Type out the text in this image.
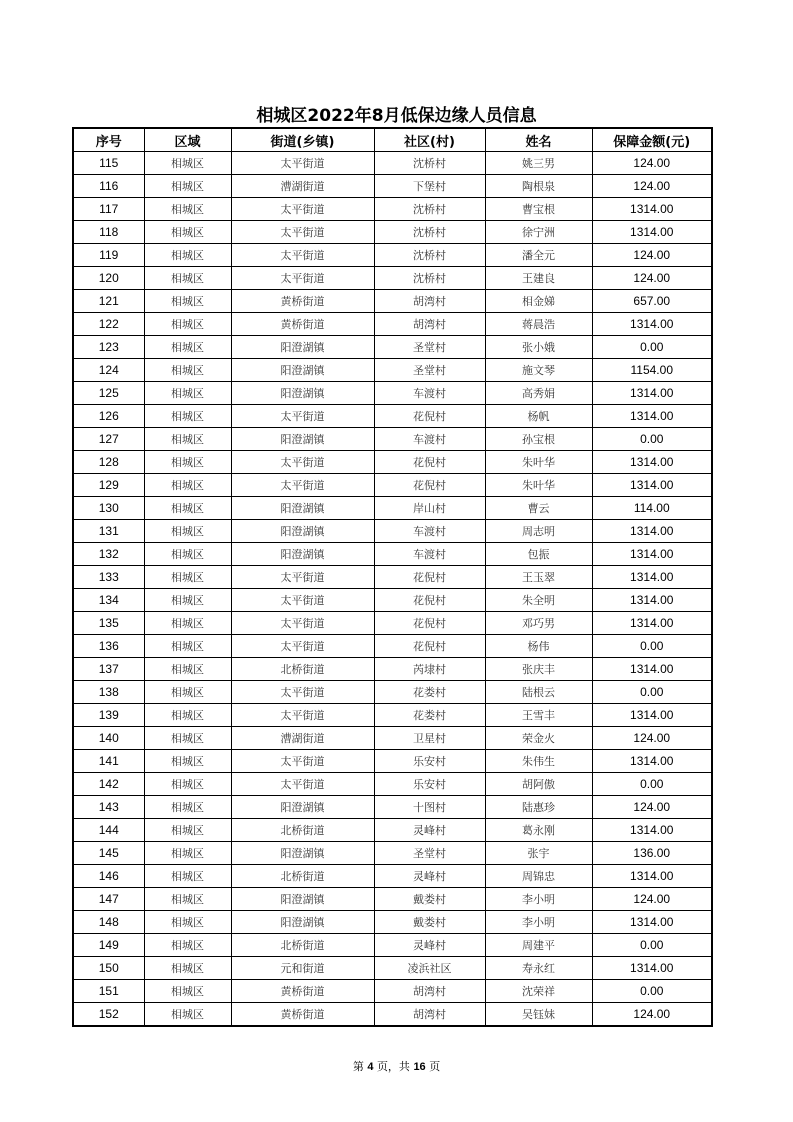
相城区2022年8月低保边缘人员信息
序号	区域	街道(乡镇)	社区(村)	姓名	保障金额(元)
115	相城区	太平街道	沈桥村	姚三男	124.00
116	相城区	漕湖街道	下堡村	陶根泉	124.00
117	相城区	太平街道	沈桥村	曹宝根	1314.00
118	相城区	太平街道	沈桥村	徐宁洲	1314.00
119	相城区	太平街道	沈桥村	潘全元	124.00
120	相城区	太平街道	沈桥村	王建良	124.00
121	相城区	黄桥街道	胡湾村	相金娣	657.00
122	相城区	黄桥街道	胡湾村	蒋晨浩	1314.00
123	相城区	阳澄湖镇	圣堂村	张小娥	0.00
124	相城区	阳澄湖镇	圣堂村	施文琴	1154.00
125	相城区	阳澄湖镇	车渡村	高秀娟	1314.00
126	相城区	太平街道	花倪村	杨帆	1314.00
127	相城区	阳澄湖镇	车渡村	孙宝根	0.00
128	相城区	太平街道	花倪村	朱叶华	1314.00
129	相城区	太平街道	花倪村	朱叶华	1314.00
130	相城区	阳澄湖镇	岸山村	曹云	114.00
131	相城区	阳澄湖镇	车渡村	周志明	1314.00
132	相城区	阳澄湖镇	车渡村	包振	1314.00
133	相城区	太平街道	花倪村	王玉翠	1314.00
134	相城区	太平街道	花倪村	朱全明	1314.00
135	相城区	太平街道	花倪村	邓巧男	1314.00
136	相城区	太平街道	花倪村	杨伟	0.00
137	相城区	北桥街道	芮埭村	张庆丰	1314.00
138	相城区	太平街道	花娄村	陆根云	0.00
139	相城区	太平街道	花娄村	王雪丰	1314.00
140	相城区	漕湖街道	卫星村	荣金火	124.00
141	相城区	太平街道	乐安村	朱伟生	1314.00
142	相城区	太平街道	乐安村	胡阿傲	0.00
143	相城区	阳澄湖镇	十图村	陆惠珍	124.00
144	相城区	北桥街道	灵峰村	葛永刚	1314.00
145	相城区	阳澄湖镇	圣堂村	张宇	136.00
146	相城区	北桥街道	灵峰村	周锦忠	1314.00
147	相城区	阳澄湖镇	戴娄村	李小明	124.00
148	相城区	阳澄湖镇	戴娄村	李小明	1314.00
149	相城区	北桥街道	灵峰村	周建平	0.00
150	相城区	元和街道	凌浜社区	寿永红	1314.00
151	相城区	黄桥街道	胡湾村	沈荣祥	0.00
152	相城区	黄桥街道	胡湾村	吴钰妹	124.00
第 4 页，共 16 页
